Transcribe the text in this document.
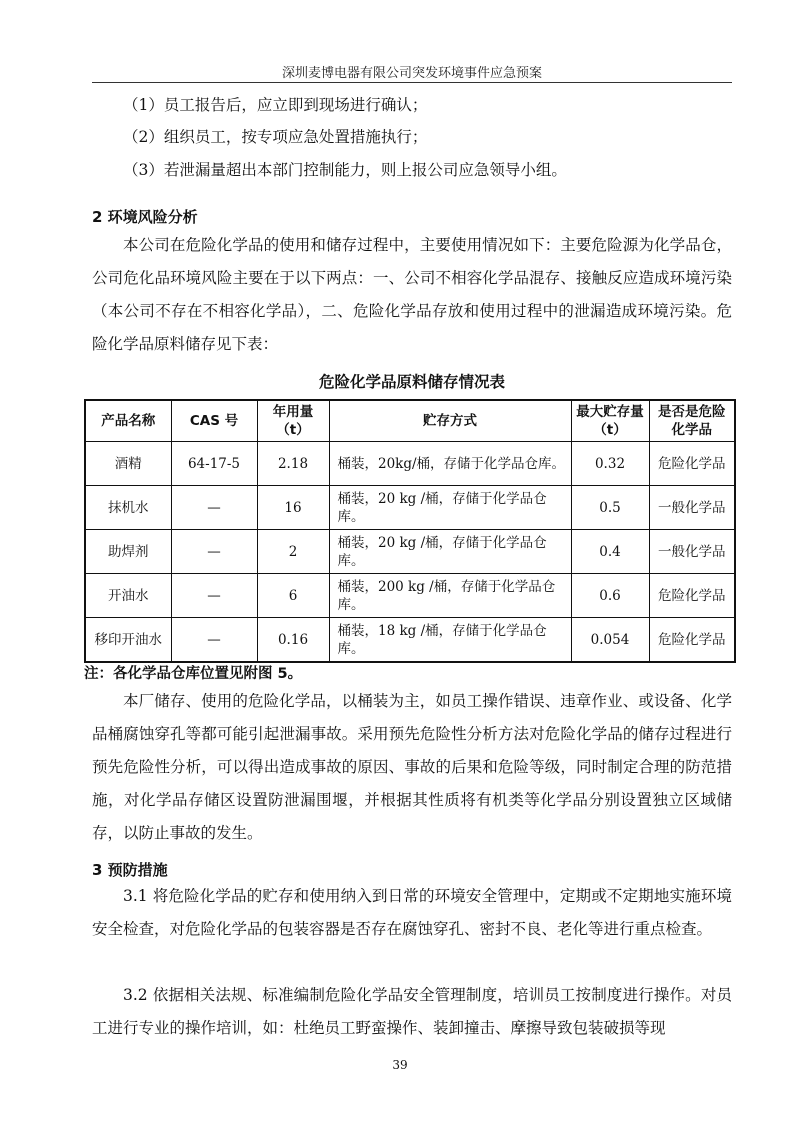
深圳麦博电器有限公司突发环境事件应急预案

（1）员工报告后，应立即到现场进行确认；

（2）组织员工，按专项应急处置措施执行；

（3）若泄漏量超出本部门控制能力，则上报公司应急领导小组。

2 环境风险分析

本公司在危险化学品的使用和储存过程中，主要使用情况如下：主要危险源为化学品仓，公司危化品环境风险主要在于以下两点：一、公司不相容化学品混存、接触反应造成环境污染（本公司不存在不相容化学品），二、危险化学品存放和使用过程中的泄漏造成环境污染。危险化学品原料储存见下表：

危险化学品原料储存情况表
产品名称	CAS 号	年用量（t）	贮存方式	最大贮存量（t）	是否是危险化学品
酒精	64-17-5	2.18	桶装，20kg/桶，存储于化学品仓库。	0.32	危险化学品
抹机水	—	16	桶装，20 kg /桶，存储于化学品仓库。	0.5	一般化学品
助焊剂	—	2	桶装，20 kg /桶，存储于化学品仓库。	0.4	一般化学品
开油水	—	6	桶装，200 kg /桶，存储于化学品仓库。	0.6	危险化学品
移印开油水	—	0.16	桶装，18 kg /桶，存储于化学品仓库。	0.054	危险化学品
注：各化学品仓库位置见附图 5。

本厂储存、使用的危险化学品，以桶装为主，如员工操作错误、违章作业、或设备、化学品桶腐蚀穿孔等都可能引起泄漏事故。采用预先危险性分析方法对危险化学品的储存过程进行预先危险性分析，可以得出造成事故的原因、事故的后果和危险等级，同时制定合理的防范措施，对化学品存储区设置防泄漏围堰，并根据其性质将有机类等化学品分别设置独立区域储存，以防止事故的发生。

3 预防措施

3.1 将危险化学品的贮存和使用纳入到日常的环境安全管理中，定期或不定期地实施环境安全检查，对危险化学品的包装容器是否存在腐蚀穿孔、密封不良、老化等进行重点检查。

3.2 依据相关法规、标准编制危险化学品安全管理制度，培训员工按制度进行操作。对员工进行专业的操作培训，如：杜绝员工野蛮操作、装卸撞击、摩擦导致包装破损等现

39
